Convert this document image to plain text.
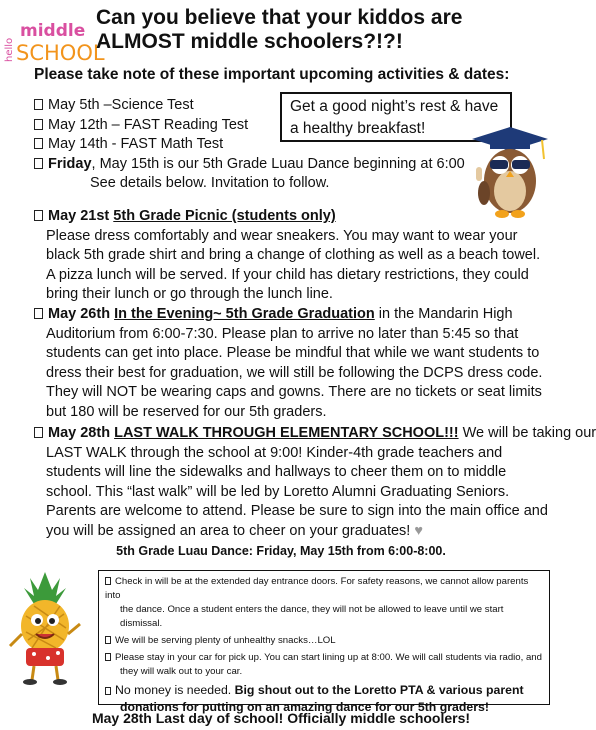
hello
middle
SCHOOL
Can you believe that your kiddos are
ALMOST middle schoolers?!?!
Please take note of these important upcoming activities & dates:
May 5th –Science Test
May 12th – FAST Reading Test
May 14th - FAST Math Test
Friday, May 15th is our 5th Grade Luau Dance beginning at 6:00
See details below. Invitation to follow.
Get a good night’s rest & have a healthy breakfast!
May 21st 5th Grade Picnic (students only)
Please dress comfortably and wear sneakers. You may want to wear your black 5th grade shirt and bring a change of clothing as well as a beach towel. A pizza lunch will be served. If your child has dietary restrictions, they could bring their lunch or go through the lunch line.
May 26th In the Evening~ 5th Grade Graduation in the Mandarin High
Auditorium from 6:00-7:30. Please plan to arrive no later than 5:45 so that students can get into place. Please be mindful that while we want students to dress their best for graduation, we will still be following the DCPS dress code. They will NOT be wearing caps and gowns. There are no tickets or seat limits but 180 will be reserved for our 5th graders.
May 28th LAST WALK THROUGH ELEMENTARY SCHOOL!!! We will be taking our
LAST WALK through the school at 9:00! Kinder-4th grade teachers and students will line the sidewalks and hallways to cheer them on to middle school. This “last walk” will be led by Loretto Alumni Graduating Seniors. Parents are welcome to attend. Please be sure to sign into the main office and you will be assigned an area to cheer on your graduates! ♥
5th Grade Luau Dance: Friday, May 15th from 6:00-8:00.
Check in will be at the extended day entrance doors. For safety reasons, we cannot allow parents into
the dance. Once a student enters the dance, they will not be allowed to leave until we start dismissal.
We will be serving plenty of unhealthy snacks…LOL
Please stay in your car for pick up. You can start lining up at 8:00. We will call students via radio, and
they will walk out to your car.
No money is needed. Big shout out to the Loretto PTA & various parent
donations for putting on an amazing dance for our 5th graders!
May 28th Last day of school! Officially middle schoolers!
